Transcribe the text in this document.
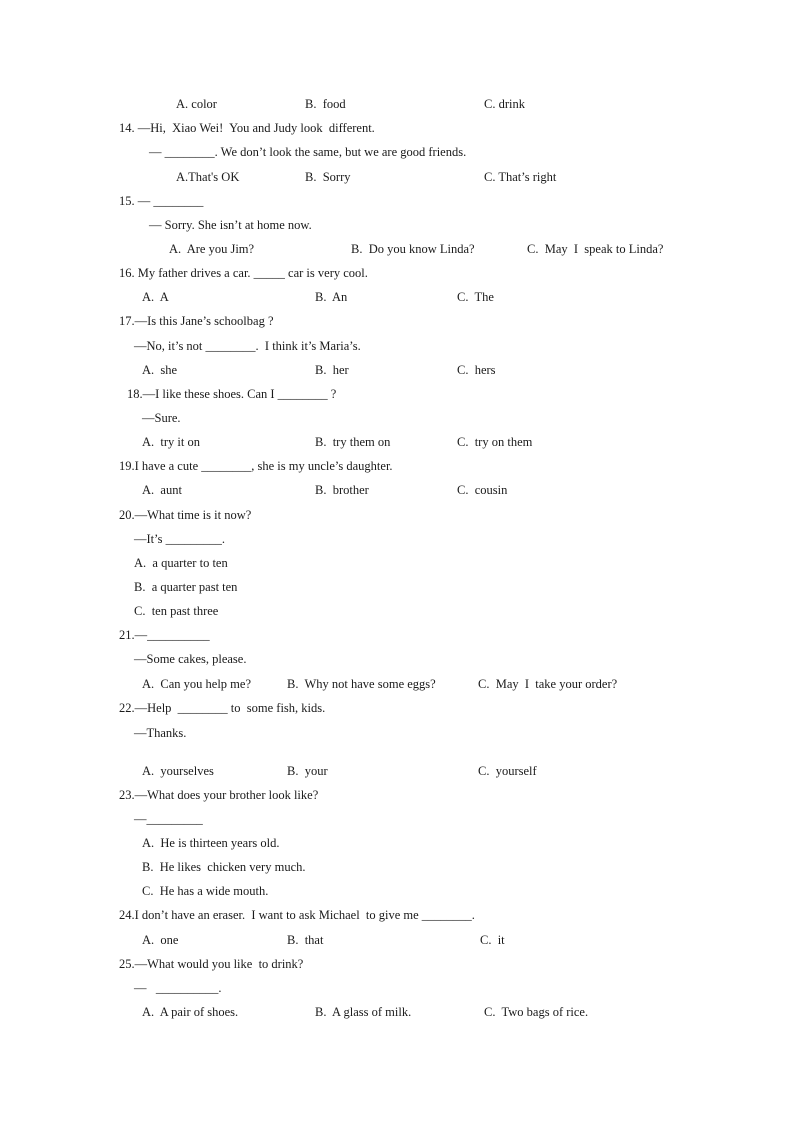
A. color	B.  food	C. drink
14. —Hi,  Xiao Wei!  You and Judy look  different.
— ________. We don’t look the same, but we are good friends.
A.That's OK	B.  Sorry	C. That’s right
15. — ________
— Sorry. She isn’t at home now.
A.  Are you Jim?	B.  Do you know Linda?	C.  May  I  speak to Linda?
16. My father drives a car. _____ car is very cool.
A.  A	B.  An	C.  The
17.—Is this Jane’s schoolbag ?
—No, it’s not ________.  I think it’s Maria’s.
A.  she	B.  her	C.  hers
18.—I like these shoes. Can I ________ ?
—Sure.
A.  try it on	B.  try them on	C.  try on them
19.I have a cute ________, she is my uncle’s daughter.
A.  aunt	B.  brother	C.  cousin
20.—What time is it now?
—It’s _________.
A.  a quarter to ten
B.  a quarter past ten
C.  ten past three
21.—__________
—Some cakes, please.
A.  Can you help me?	B.  Why not have some eggs?	C.  May  I  take your order?
22.—Help  ________ to  some fish, kids.
—Thanks.
A.  yourselves	B.  your	C.  yourself
23.—What does your brother look like?
—_________
A.  He is thirteen years old.
B.  He likes  chicken very much.
C.  He has a wide mouth.
24.I don’t have an eraser.  I want to ask Michael  to give me ________.
A.  one	B.  that	C.  it
25.—What would you like  to drink?
—   __________.
A.  A pair of shoes.	B.  A glass of milk.	C.  Two bags of rice.
